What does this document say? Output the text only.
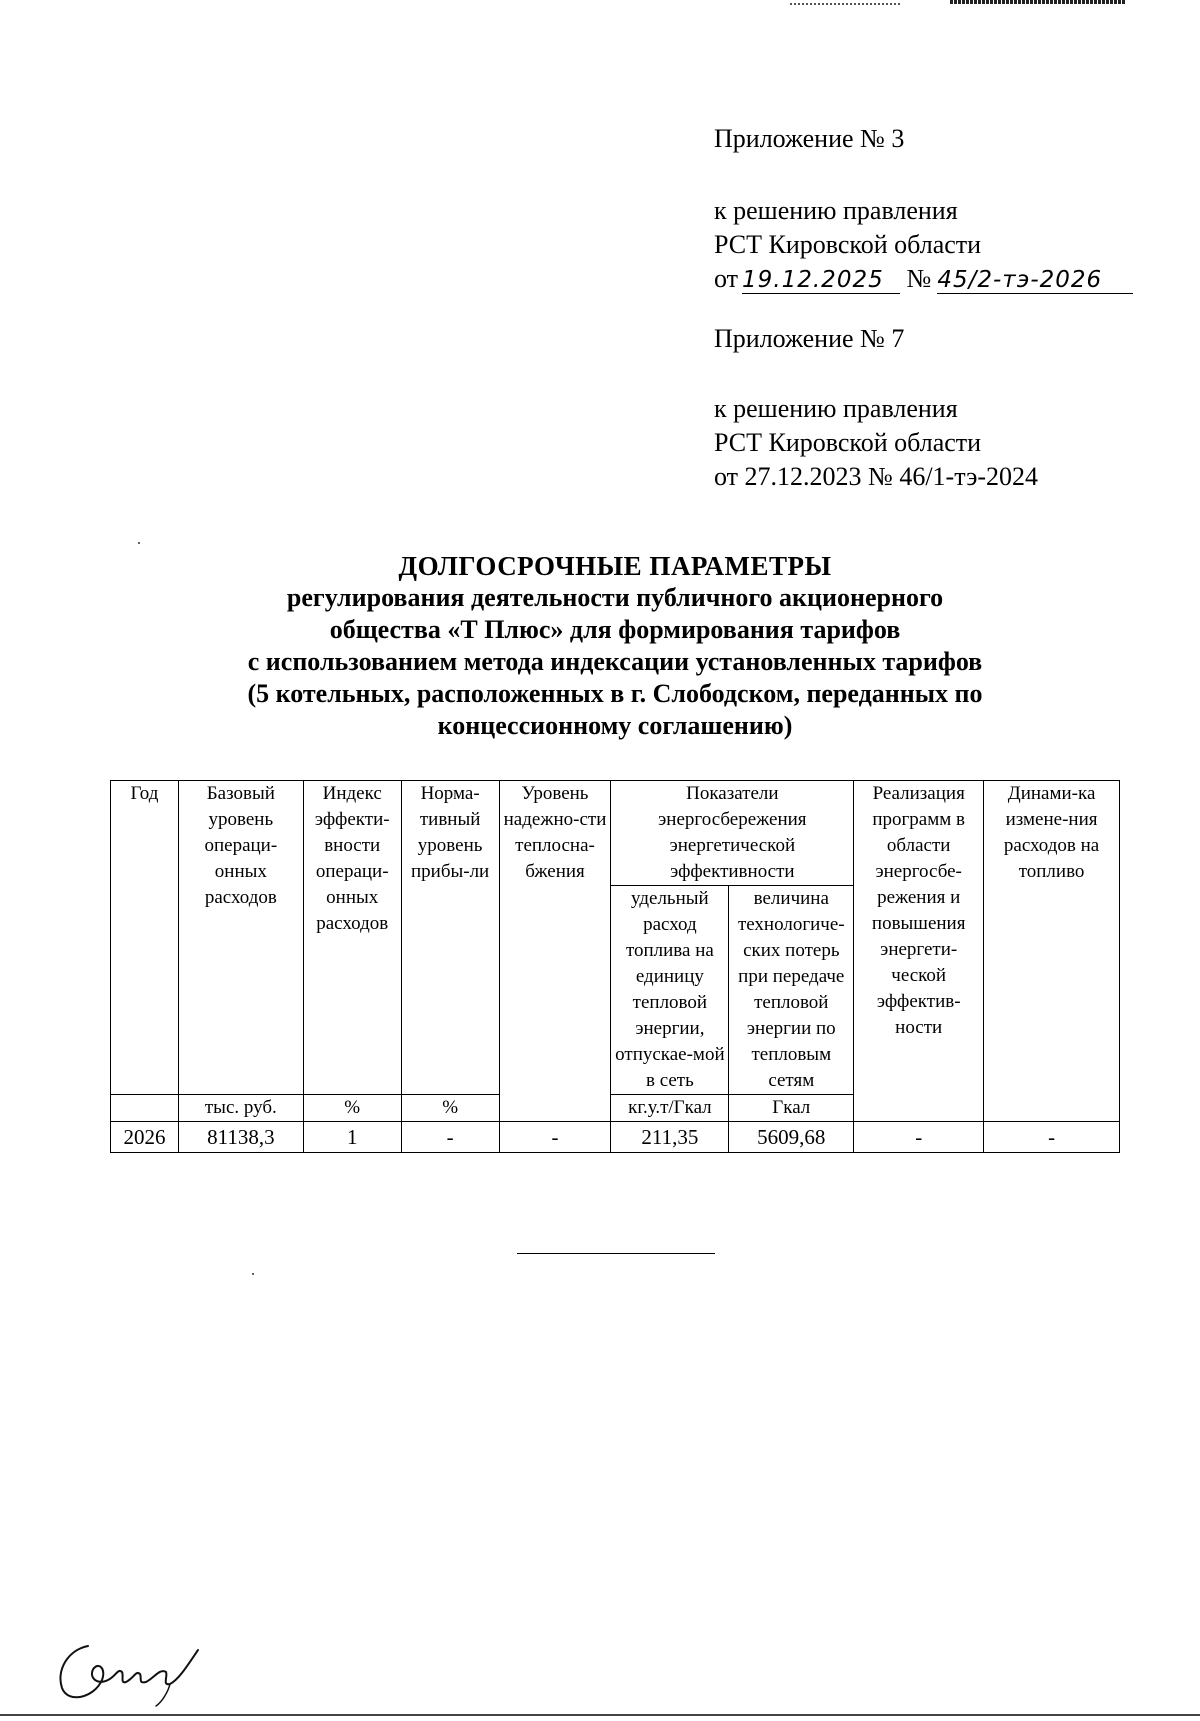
Приложение № 3
к решению правления
РСТ Кировской области
от 19.12.2025 № 45/2-тэ-2026
Приложение № 7
к решению правления
РСТ Кировской области
от 27.12.2023 № 46/1-тэ-2024
ДОЛГОСРОЧНЫЕ ПАРАМЕТРЫ
регулирования деятельности публичного акционерного
общества «Т Плюс» для формирования тарифов
с использованием метода индексации установленных тарифов
(5 котельных, расположенных в г. Слободском, переданных по
концессионному соглашению)
Год	Базовый уровень операци-онных расходов	Индекс эффекти-вности операци-онных расходов	Норма-тивный уровень прибы-ли	Уровень надежно-сти теплосна-бжения	Показатели энергосбережения энергетической эффективности		Реализация программ в области энергосбе-режения и повышения энергети-ческой эффектив-ности	Динами-ка измене-ния расходов на топливо
					удельный расход топлива на единицу тепловой энергии, отпускае-мой в сеть	величина технологиче-ских потерь при передаче тепловой энергии по тепловым сетям		
	тыс. руб.	%	%		кг.у.т/Гкал	Гкал		
2026	81138,3	1	-	-	211,35	5609,68	-	-
